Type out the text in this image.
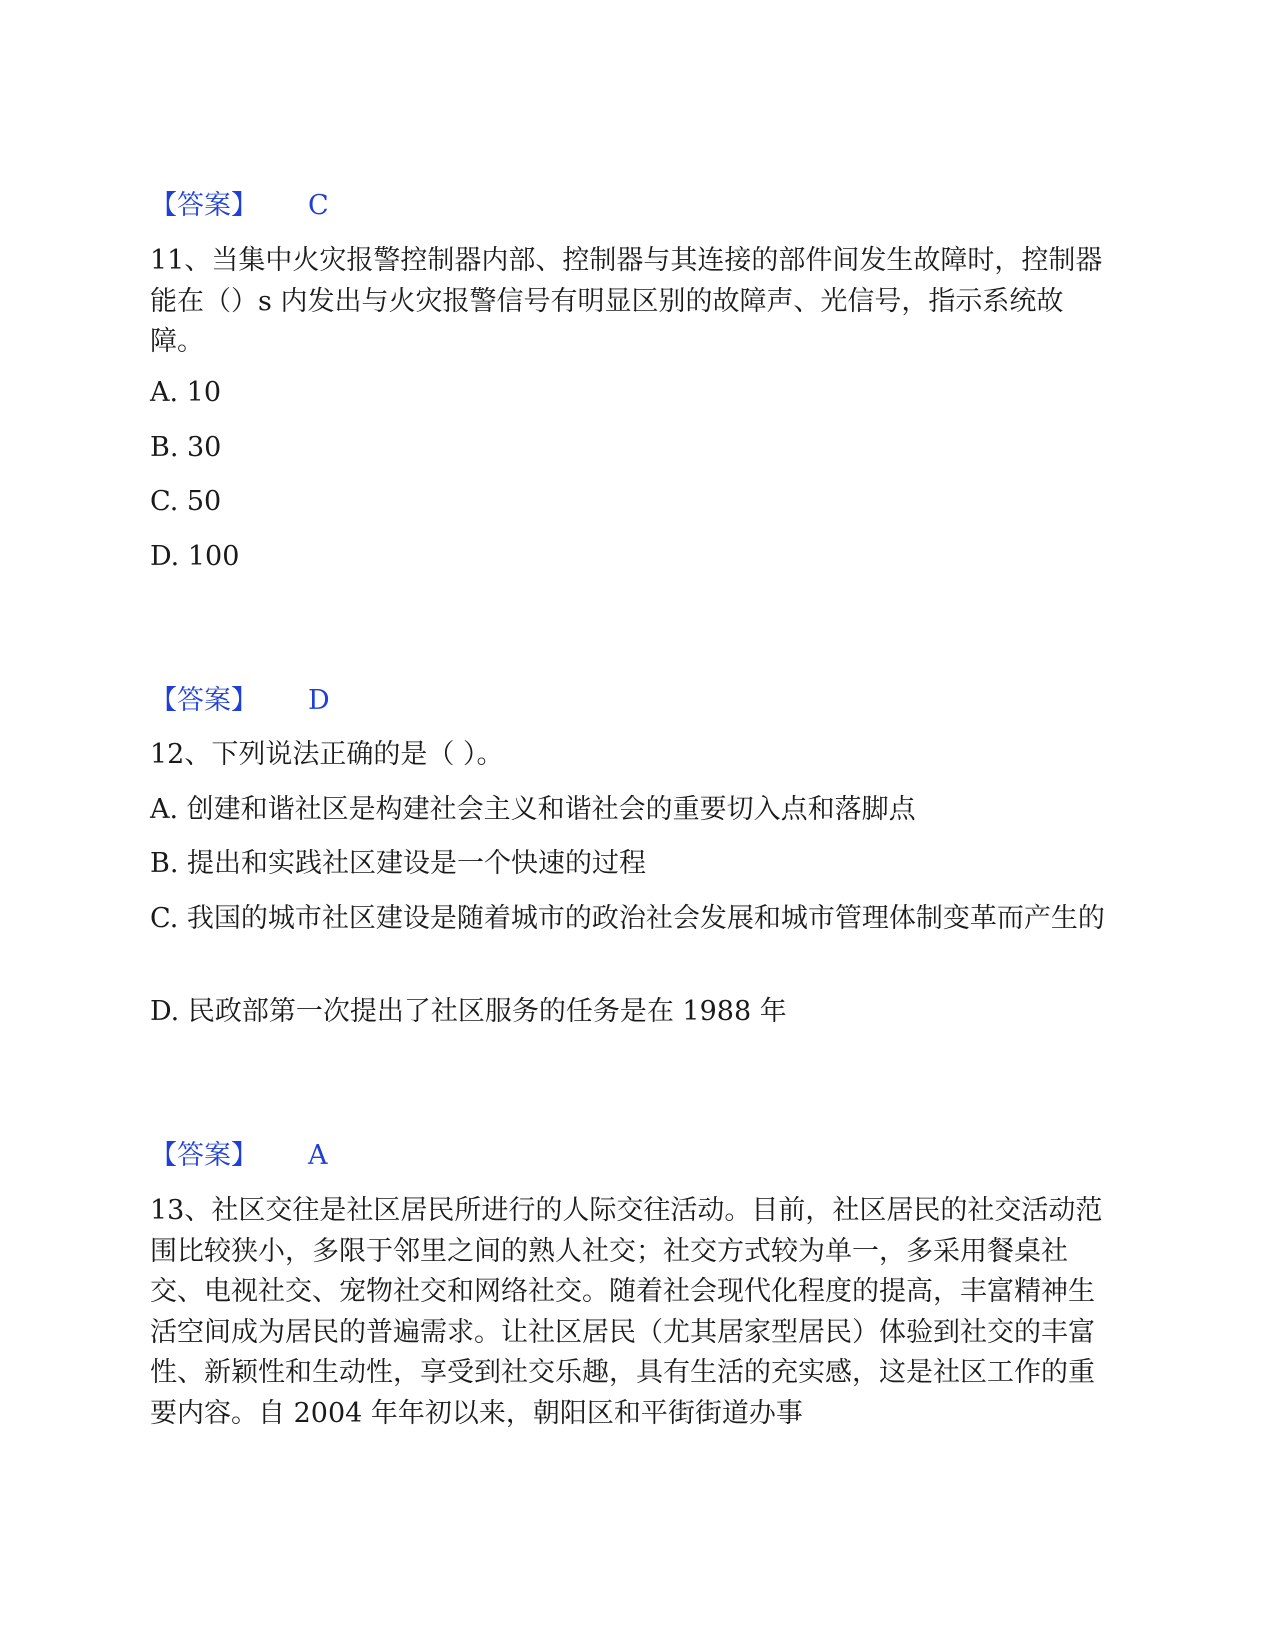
【答案】 C

11、当集中火灾报警控制器内部、控制器与其连接的部件间发生故障时，控制器能在（）s 内发出与火灾报警信号有明显区别的故障声、光信号，指示系统故障。

A. 10

B. 30

C. 50

D. 100

【答案】 D

12、下列说法正确的是（ ）。

A. 创建和谐社区是构建社会主义和谐社会的重要切入点和落脚点

B. 提出和实践社区建设是一个快速的过程

C. 我国的城市社区建设是随着城市的政治社会发展和城市管理体制变革而产生的

D. 民政部第一次提出了社区服务的任务是在 1988 年

【答案】 A

13、社区交往是社区居民所进行的人际交往活动。目前，社区居民的社交活动范围比较狭小，多限于邻里之间的熟人社交；社交方式较为单一，多采用餐桌社交、电视社交、宠物社交和网络社交。随着社会现代化程度的提高，丰富精神生活空间成为居民的普遍需求。让社区居民（尤其居家型居民）体验到社交的丰富性、新颖性和生动性，享受到社交乐趣，具有生活的充实感，这是社区工作的重要内容。自 2004 年年初以来，朝阳区和平街街道办事
